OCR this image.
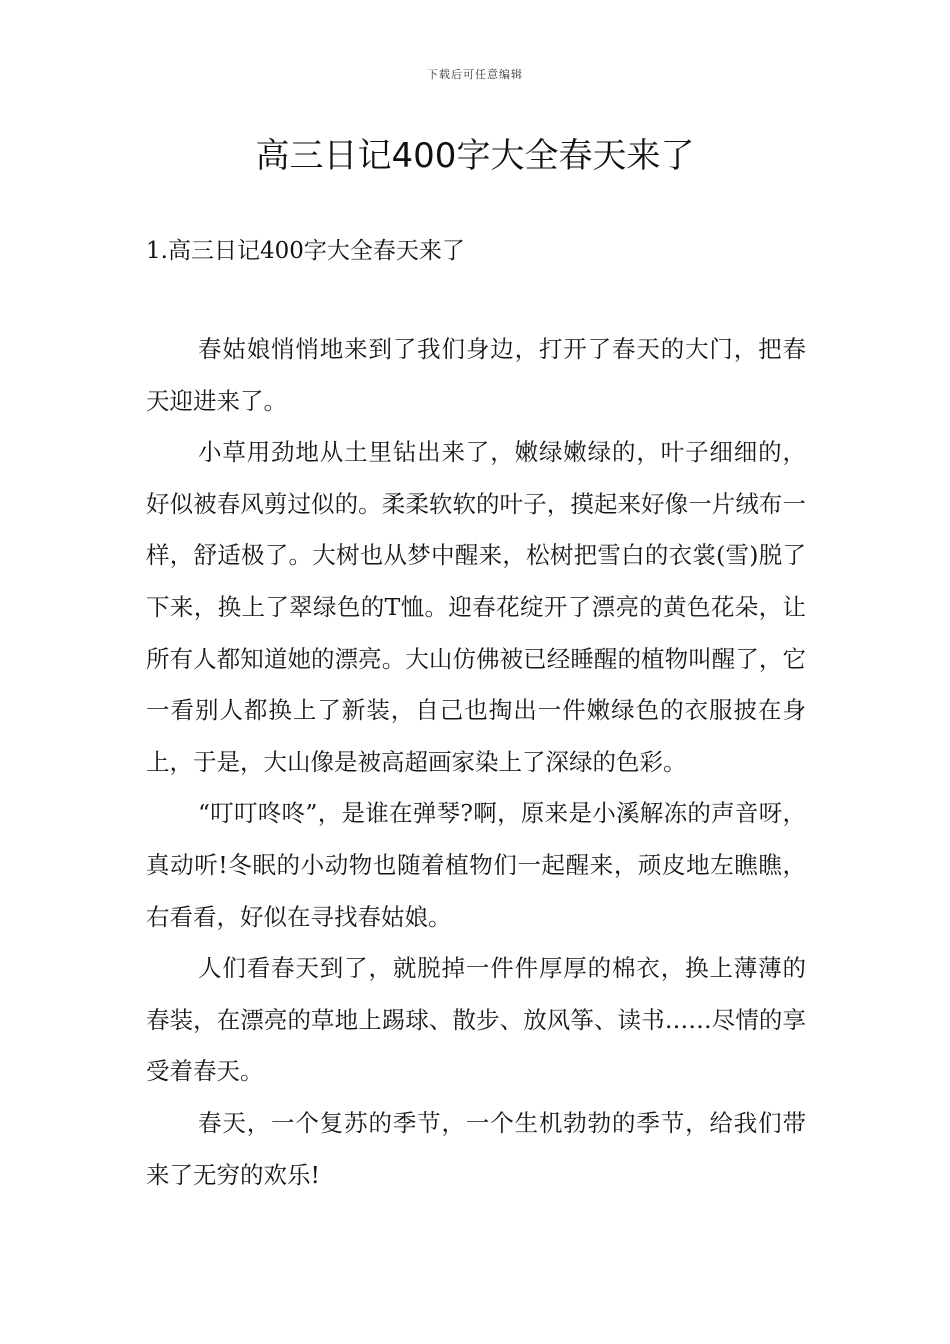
下载后可任意编辑
高三日记400字大全春天来了
1.高三日记400字大全春天来了

春姑娘悄悄地来到了我们身边，打开了春天的大门，把春天迎进来了。

小草用劲地从土里钻出来了，嫩绿嫩绿的，叶子细细的，好似被春风剪过似的。柔柔软软的叶子，摸起来好像一片绒布一样，舒适极了。大树也从梦中醒来，松树把雪白的衣裳(雪)脱了下来，换上了翠绿色的T恤。迎春花绽开了漂亮的黄色花朵，让所有人都知道她的漂亮。大山仿佛被已经睡醒的植物叫醒了，它一看别人都换上了新装，自己也掏出一件嫩绿色的衣服披在身上，于是，大山像是被高超画家染上了深绿的色彩。

“叮叮咚咚”，是谁在弹琴?啊，原来是小溪解冻的声音呀，真动听!冬眠的小动物也随着植物们一起醒来，顽皮地左瞧瞧，右看看，好似在寻找春姑娘。

人们看春天到了，就脱掉一件件厚厚的棉衣，换上薄薄的春装，在漂亮的草地上踢球、散步、放风筝、读书……尽情的享受着春天。

春天，一个复苏的季节，一个生机勃勃的季节，给我们带来了无穷的欢乐!
